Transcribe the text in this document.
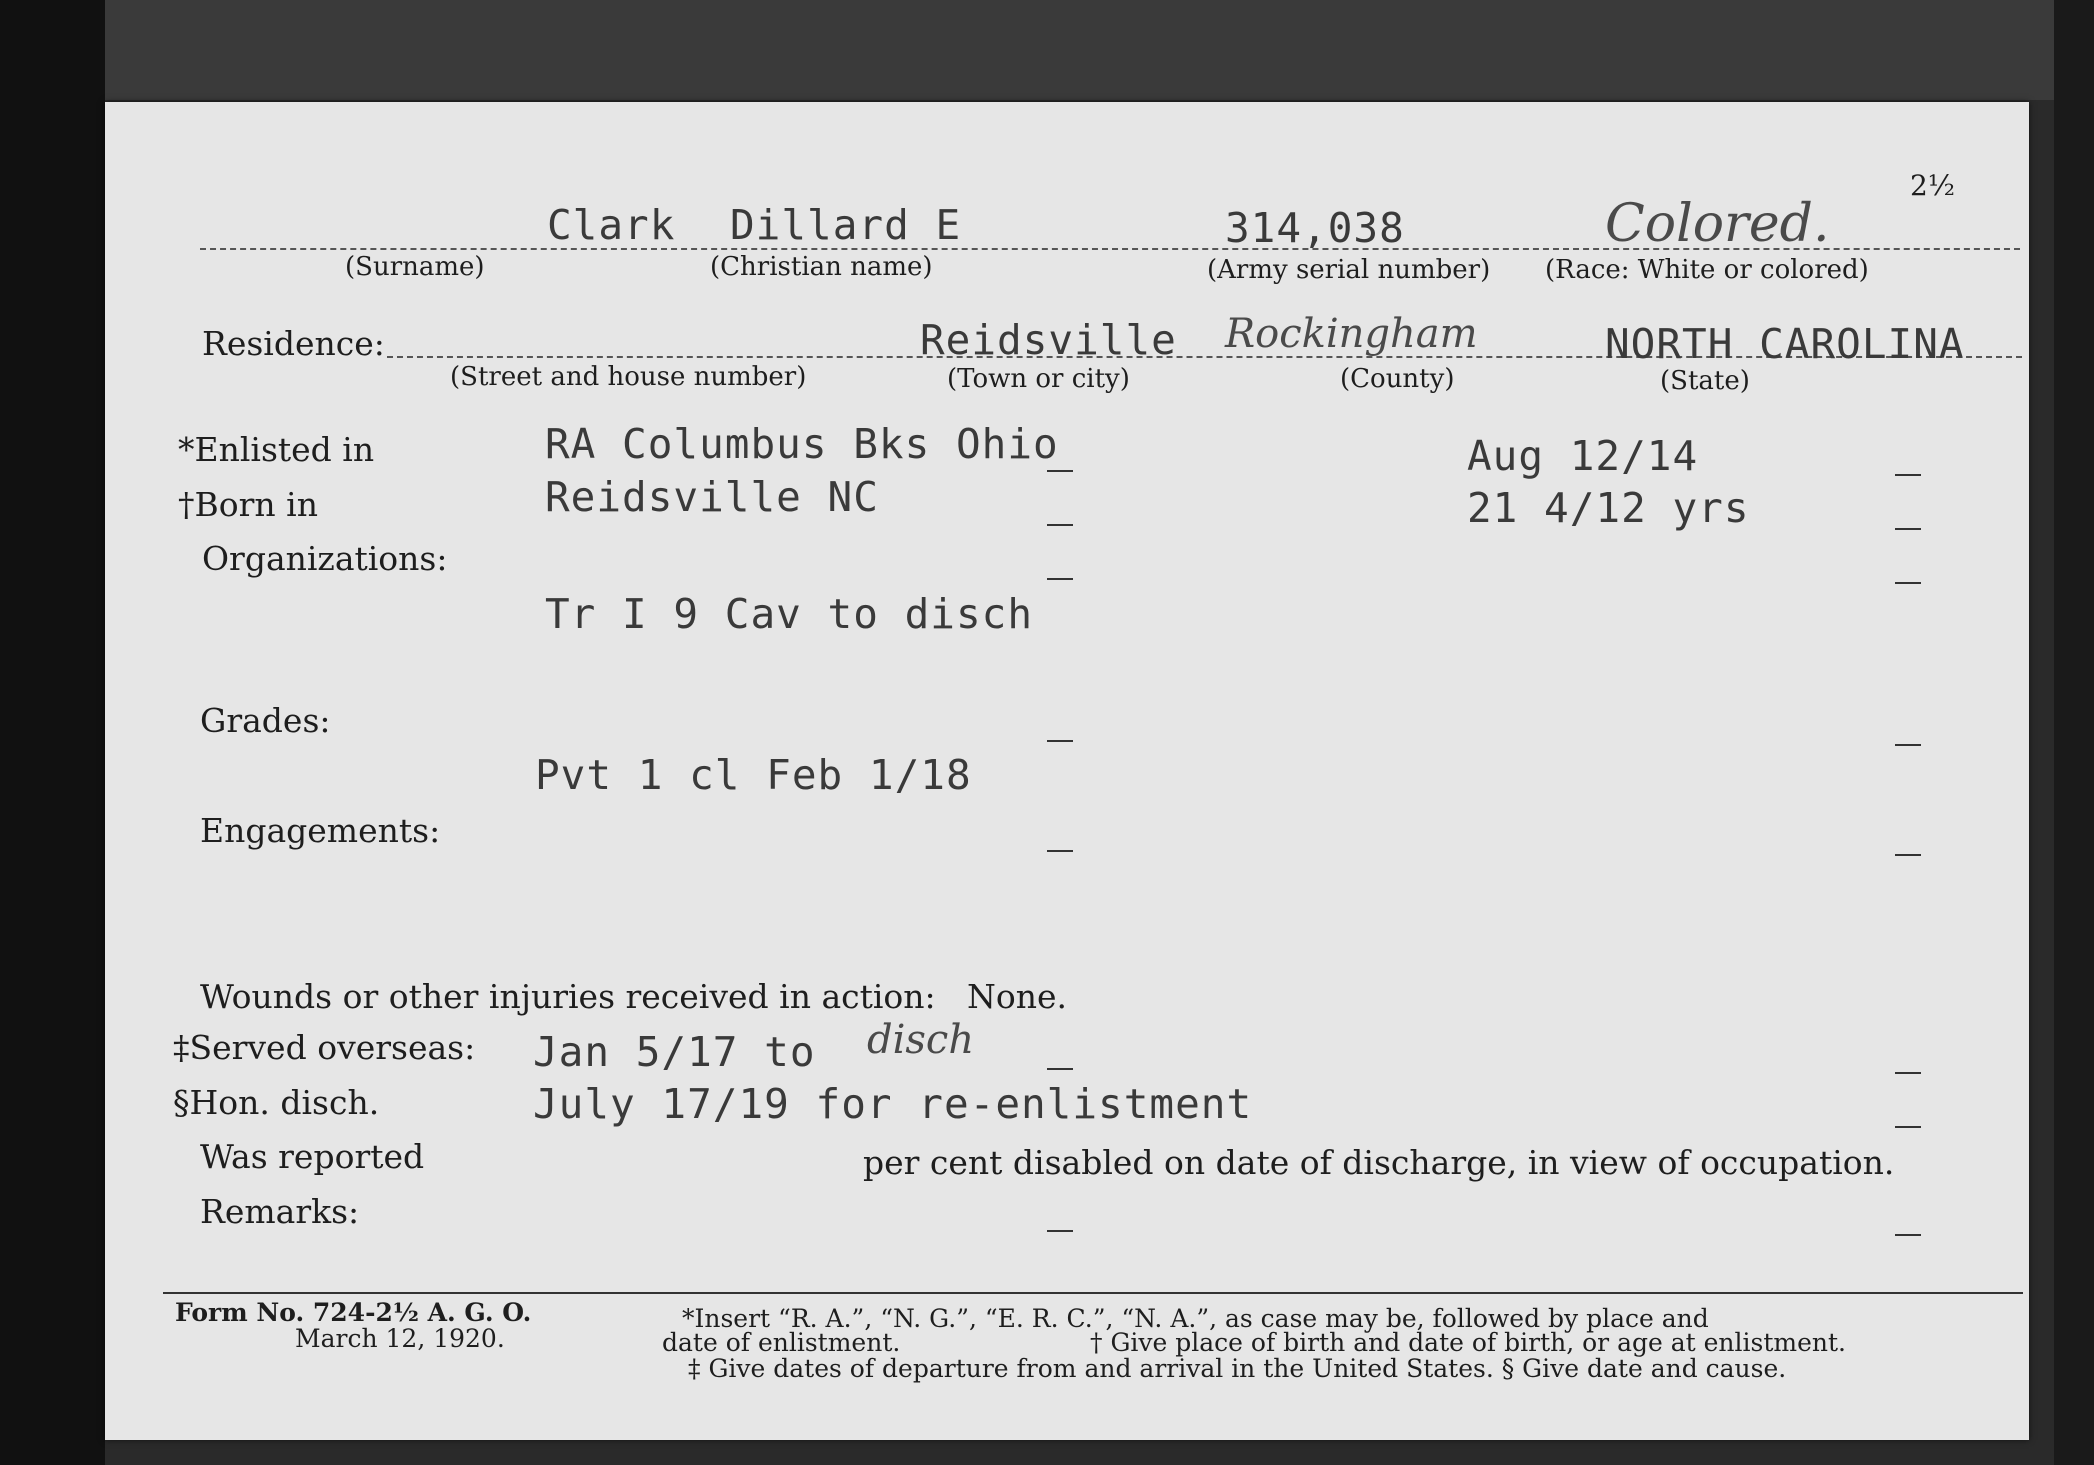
2½
Clark Dillard E	314,038	Colored.
(Surname)	(Christian name)	(Army serial number) (Race: White or colored)
Residence:	Reidsville Rockingham	NORTH CAROLINA
(Street and house number)	(Town or city)	(County)	(State)
*Enlisted in	RA Columbus Bks Ohio	Aug 12/14
†Born in	Reidsville NC	21 4/12 yrs
Organizations:
Tr I 9 Cav to disch
Grades:
Pvt 1 cl Feb 1/18
Engagements:
Wounds or other injuries received in action: None.
‡Served overseas: Jan 5/17 to disch
§Hon. disch.	July 17/19 for re-enlistment
Was reported	per cent disabled on date of discharge, in view of occupation.
Remarks:
Form No. 724-2½ A. G. O.
March 12, 1920.
*Insert “R. A.”, “N. G.”, “E. R. C.”, “N. A.”, as case may be, followed by place and
date of enlistment.	† Give place of birth and date of birth, or age at enlistment.
‡ Give dates of departure from and arrival in the United States. § Give date and cause.
